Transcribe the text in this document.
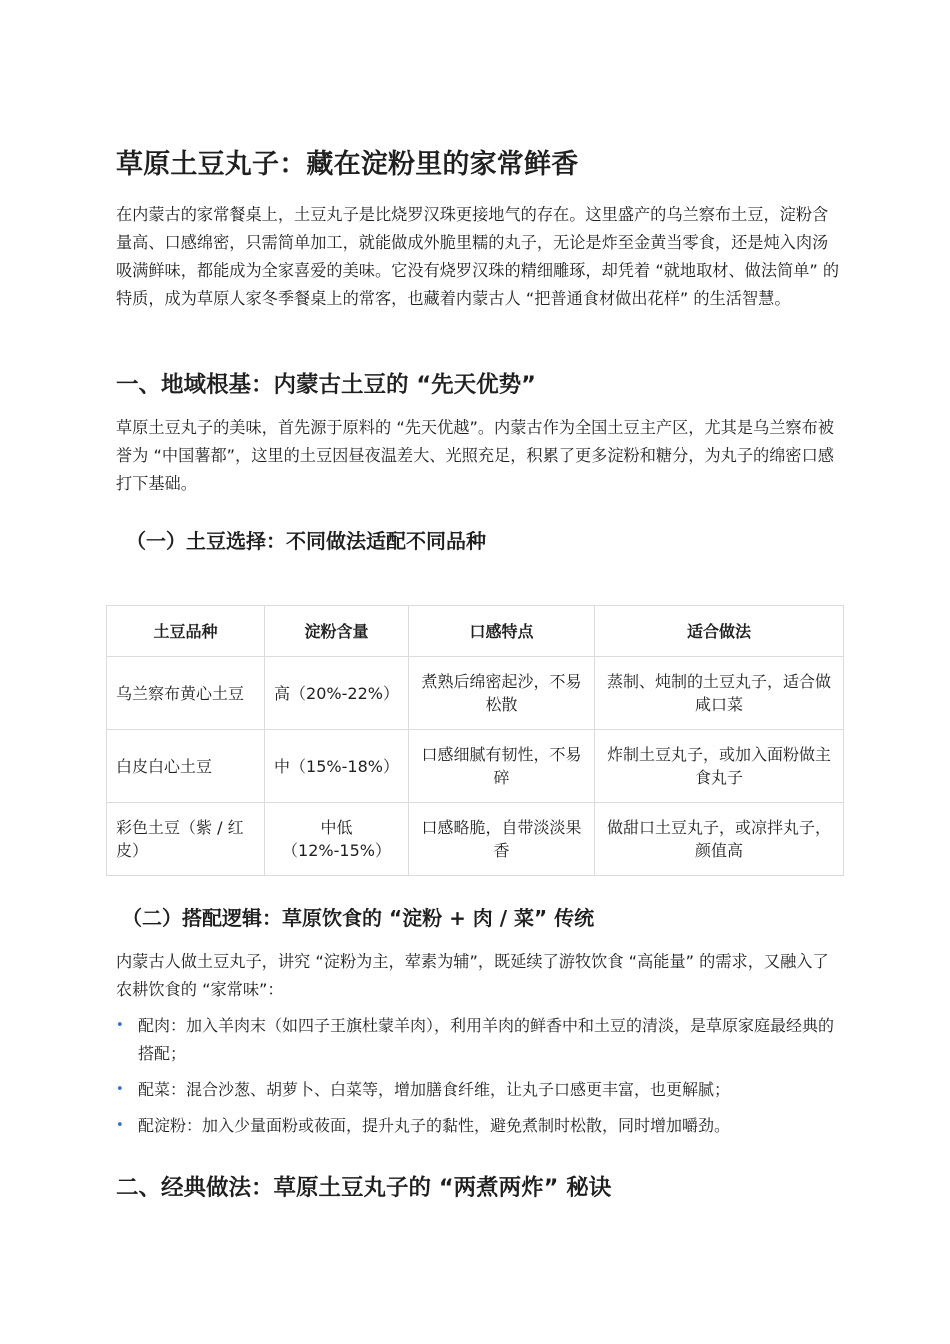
草原土豆丸子：藏在淀粉里的家常鲜香

在内蒙古的家常餐桌上，土豆丸子是比烧罗汉珠更接地气的存在。这里盛产的乌兰察布土豆，淀粉含量高、口感绵密，只需简单加工，就能做成外脆里糯的丸子，无论是炸至金黄当零食，还是炖入肉汤吸满鲜味，都能成为全家喜爱的美味。它没有烧罗汉珠的精细雕琢，却凭着 “就地取材、做法简单” 的特质，成为草原人家冬季餐桌上的常客，也藏着内蒙古人 “把普通食材做出花样” 的生活智慧。

一、地域根基：内蒙古土豆的 “先天优势”

草原土豆丸子的美味，首先源于原料的 “先天优越”。内蒙古作为全国土豆主产区，尤其是乌兰察布被誉为 “中国薯都”，这里的土豆因昼夜温差大、光照充足，积累了更多淀粉和糖分，为丸子的绵密口感打下基础。

（一）土豆选择：不同做法适配不同品种
土豆品种	淀粉含量	口感特点	适合做法
乌兰察布黄心土豆	高（20%-22%）	煮熟后绵密起沙，不易松散	蒸制、炖制的土豆丸子，适合做咸口菜
白皮白心土豆	中（15%-18%）	口感细腻有韧性，不易碎	炸制土豆丸子，或加入面粉做主食丸子
彩色土豆（紫 / 红皮）	中低（12%-15%）	口感略脆，自带淡淡果香	做甜口土豆丸子，或凉拌丸子，颜值高
（二）搭配逻辑：草原饮食的 “淀粉 + 肉 / 菜” 传统

内蒙古人做土豆丸子，讲究 “淀粉为主，荤素为辅”，既延续了游牧饮食 “高能量” 的需求，又融入了农耕饮食的 “家常味”：

• 配肉：加入羊肉末（如四子王旗杜蒙羊肉），利用羊肉的鲜香中和土豆的清淡，是草原家庭最经典的搭配；
• 配菜：混合沙葱、胡萝卜、白菜等，增加膳食纤维，让丸子口感更丰富，也更解腻；
• 配淀粉：加入少量面粉或莜面，提升丸子的黏性，避免煮制时松散，同时增加嚼劲。
二、经典做法：草原土豆丸子的 “两煮两炸” 秘诀
